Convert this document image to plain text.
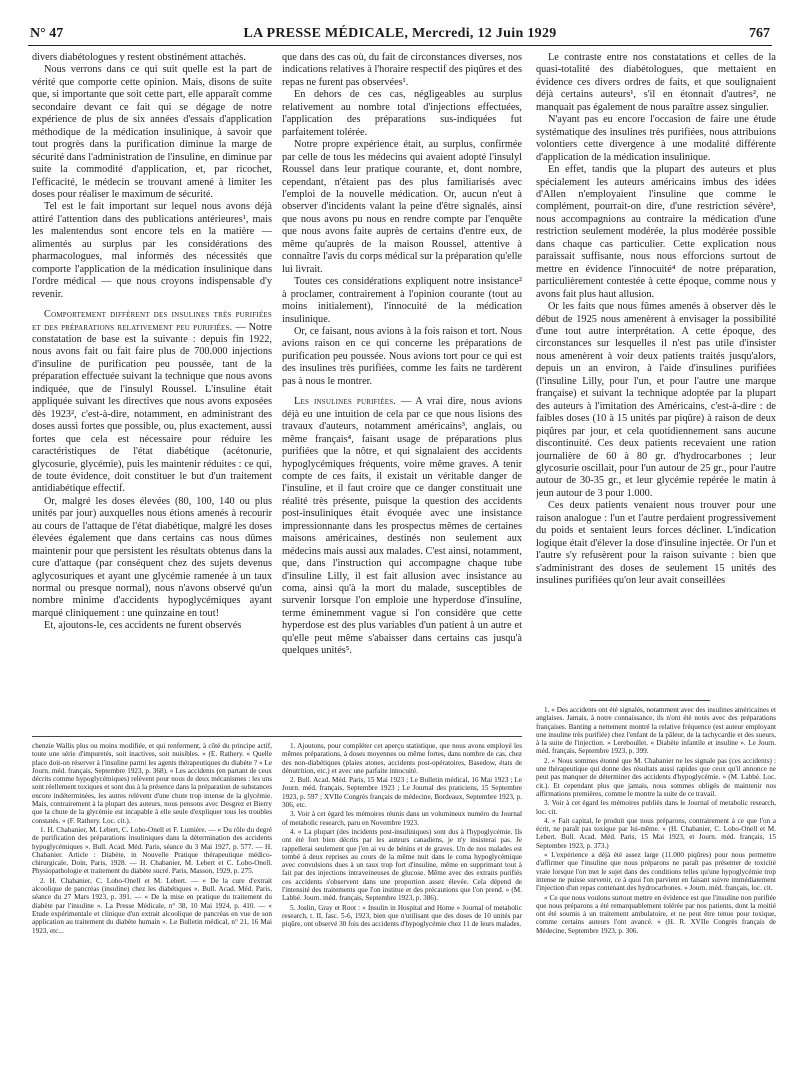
N° 47	LA PRESSE MÉDICALE, Mercredi, 12 Juin 1929	767

divers diabétologues y restent obstinément attachés.

Nous verrons dans ce qui suit quelle est la part de vérité que comporte cette opinion. Mais, disons de suite que, si importante que soit cette part, elle apparaît comme secondaire devant ce fait qui se dégage de notre expérience de plus de six années d'essais d'application méthodique de la médication insulinique, à savoir que tout progrès dans la purification diminue la marge de sécurité dans l'administration de l'insuline, en diminue par suite la commodité d'application, et, par ricochet, l'efficacité, le médecin se trouvant amené à limiter les doses pour réaliser le maximum de sécurité.

Tel est le fait important sur lequel nous avons déjà attiré l'attention dans des publications antérieures¹, mais les malentendus sont encore tels en la matière — alimentés au surplus par les considérations des pharmacologues, mal informés des nécessités que comporte l'application de la médication insulinique dans l'ordre médical — que nous croyons indispensable d'y revenir.

Comportement différent des insulines très purifiées et des préparations relativement peu purifiées. — Notre constatation de base est la suivante : depuis fin 1922, nous avons fait ou fait faire plus de 700.000 injections d'insuline de purification peu poussée, tant de la préparation effectuée suivant la technique que nous avons indiquée, que de l'insulyl Roussel. L'insuline était appliquée suivant les directives que nous avons exposées dès 1923², c'est-à-dire, notamment, en administrant des doses aussi fortes que possible, ou, plus exactement, aussi fortes que cela est nécessaire pour réduire les caractéristiques de l'état diabétique (acétonurie, glycosurie, glycémie), puis les maintenir réduites : ce qui, de toute évidence, doit constituer le but d'un traitement antidiabétique effectif.

Or, malgré les doses élevées (80, 100, 140 ou plus unités par jour) auxquelles nous étions amenés à recourir au cours de l'attaque de l'état diabétique, malgré les doses élevées également que dans certains cas nous dûmes maintenir pour que persistent les résultats obtenus dans la cure d'attaque (par conséquent chez des sujets devenus aglycosuriques et ayant une glycémie ramenée à un taux normal ou presque normal), nous n'avons observé qu'un nombre minime d'accidents hypoglycémiques ayant marqué cliniquement : une quinzaine en tout!

Et, ajoutons-le, ces accidents ne furent observés

que dans des cas où, du fait de circonstances diverses, nos indications relatives à l'horaire respectif des piqûres et des repas ne furent pas observées¹.

En dehors de ces cas, négligeables au surplus relativement au nombre total d'injections effectuées, l'application des préparations sus-indiquées fut parfaitement tolérée.

Notre propre expérience était, au surplus, confirmée par celle de tous les médecins qui avaient adopté l'insulyl Roussel dans leur pratique courante, et, dont nombre, cependant, n'étaient pas des plus familiarisés avec l'emploi de la nouvelle médication. Or, aucun n'eut à observer d'incidents valant la peine d'être signalés, ainsi que nous avons pu nous en rendre compte par l'enquête que nous avons faite auprès de certains d'entre eux, de même qu'auprès de la maison Roussel, attentive à connaître l'avis du corps médical sur la préparation qu'elle lui livrait.

Toutes ces considérations expliquent notre insistance² à proclamer, contrairement à l'opinion courante (tout au moins initialement), l'innocuité de la médication insulinique.

Or, ce faisant, nous avions à la fois raison et tort. Nous avions raison en ce qui concerne les préparations de purification peu poussée. Nous avions tort pour ce qui est des insulines très purifiées, comme les faits ne tardèrent pas à nous le montrer.

Les insulines purifiées. — A vrai dire, nous avions déjà eu une intuition de cela par ce que nous lisions des travaux d'auteurs, notamment américains³, anglais, ou même français⁴, faisant usage de préparations plus purifiées que la nôtre, et qui signalaient des accidents hypoglycémiques fréquents, voire même graves. A tenir compte de ces faits, il existait un véritable danger de l'insuline, et il faut croire que ce danger constituait une réalité très présente, puisque la question des accidents post-insuliniques était évoquée avec une insistance impressionnante dans les prospectus mêmes de certaines maisons américaines, destinés non seulement aux médecins mais aussi aux malades. C'est ainsi, notamment, que, dans l'instruction qui accompagne chaque tube d'insuline Lilly, il est fait allusion avec insistance au coma, ainsi qu'à la mort du malade, susceptibles de survenir lorsque l'on emploie une hyperdose d'insuline, terme éminemment vague si l'on considère que cette hyperdose est des plus variables d'un patient à un autre et qu'elle peut même s'abaisser dans certains cas jusqu'à quelques unités⁵.

Le contraste entre nos constatations et celles de la quasi-totalité des diabétologues, que mettaient en évidence ces divers ordres de faits, et que soulignaient déjà certains auteurs¹, s'il en étonnait d'autres², ne manquait pas également de nous paraître assez singulier.

N'ayant pas eu encore l'occasion de faire une étude systématique des insulines très purifiées, nous attribuions volontiers cette divergence à une modalité différente d'application de la médication insulinique.

En effet, tandis que la plupart des auteurs et plus spécialement les auteurs américains imbus des idées d'Allen n'employaient l'insuline que comme le complément, pourrait-on dire, d'une restriction sévère³, nous accompagnions au contraire la médication d'une restriction seulement modérée, la plus modérée possible dans chaque cas particulier. Cette explication nous paraissait suffisante, nous nous efforcions surtout de mettre en évidence l'innocuité⁴ de notre préparation, particulièrement contestée à cette époque, comme nous y avons fait plus haut allusion.

Or les faits que nous fûmes amenés à observer dès le début de 1925 nous amenèrent à envisager la possibilité d'une tout autre interprétation. A cette époque, des circonstances sur lesquelles il n'est pas utile d'insister nous amenèrent à voir deux patients traités jusqu'alors, depuis un an environ, à l'aide d'insulines purifiées (l'insuline Lilly, pour l'un, et pour l'autre une marque française) et suivant la technique adoptée par la plupart des auteurs à l'imitation des Américains, c'est-à-dire : de faibles doses (10 à 15 unités par piqûre) à raison de deux piqûres par jour, et cela quotidiennement sans aucune discontinuité. Ces deux patients recevaient une ration journalière de 60 à 80 gr. d'hydrocarbones ; leur glycosurie oscillait, pour l'un autour de 25 gr., pour l'autre autour de 30-35 gr., et leur glycémie repérée le matin à jeun autour de 3 pour 1.000.

Ces deux patients venaient nous trouver pour une raison analogue : l'un et l'autre perdaient progressivement du poids et sentaient leurs forces décliner. L'indication logique était d'élever la dose d'insuline injectée. Or l'un et l'autre s'y refusèrent pour la raison suivante : bien que s'administrant des doses de seulement 15 unités des insulines purifiées qu'on leur avait conseillées

chenzie Wallis plus ou moins modifiée, et qui renferment, à côté du principe actif, toute une série d'impuretés, soit inactives, soit nuisibles. » (E. Rathery. « Quelle place doit-on réserver à l'insuline parmi les agents thérapeutiques du diabète ? » Le Journ. méd. français, Septembre 1923, p. 368). « Les accidents (en partant de ceux décrits comme hypoglycémiques) relèvent pour nous de deux mécanismes : les uns sont réellement toxiques et sont dus à la présence dans la préparation de substances encore indéterminées, les autres relèvent d'une chute trop intense de la glycémie. Mais, contrairement à la plupart des auteurs, nous pensons avec Desgrez et Bierry que la chute de la glycémie est incapable à elle seule d'expliquer tous les troubles constatés. » (F. Rathery. Loc. cit.).

1. H. Chabanier, M. Lebert, C. Lobo-Onell et F. Lumière. — « Du rôle du degré de purification des préparations insuliniques dans la détermination des accidents hypoglycémiques ». Bull. Acad. Méd. Paris, séance du 3 Mai 1927, p. 577. — H. Chabanier. Article : Diabète, in Nouvelle Pratique thérapeutique médico-chirurgicale, Doin, Paris, 1928. — H. Chabanier, M. Lebert et C. Lobo-Onell. Physiopathologie et traitement du diabète sucré. Paris, Masson, 1929, p. 275.

2. H. Chabanier, C. Lobo-Onell et M. Lebert. — « De la cure d'extrait alcoolique de pancréas (insuline) chez les diabétiques ». Bull. Acad. Méd. Paris, séance du 27 Mars 1923, p. 391. — « De la mise en pratique du traitement du diabète par l'insuline ». La Presse Médicale, n° 38, 10 Mai 1924, p. 410. — « Etude expérimentale et clinique d'un extrait alcoolique de pancréas en vue de son application au traitement du diabète humain ». Le Bulletin médical, n° 21, 16 Mai 1923, etc...

1. Ajoutons, pour compléter cet aperçu statistique, que nous avons employé les mêmes préparations, à doses moyennes ou même fortes, dans nombre de cas, chez des non-diabétiques (plaies atones, accidents post-opératoires, Basedow, états de dénutrition, etc.) et avec une parfaite innocuité.

2. Bull. Acad. Méd. Paris, 15 Mai 1923 ; Le Bulletin médical, 16 Mai 1923 ; Le Journ. méd. français, Septembre 1923 ; Le Journal des praticiens, 15 Septembre 1923, p. 597 ; XVIIe Congrès français de médecine, Bordeaux, Septembre 1923, p. 306, etc.

3. Voir à cet égard les mémoires réunis dans un volumineux numéro du Journal of metabolic research, paru en Novembre 1923.

4. « La plupart (des incidents post-insuliniques) sont dus à l'hypoglycémie. Ils ont été fort bien décrits par les auteurs canadiens, je n'y insisterai pas. Je rappellerai seulement que j'en ai vu de bénins et de graves. Un de nos malades est tombé à deux reprises au cours de la même nuit dans le coma hypoglycémique avec convulsions dues à un taux trop fort d'insuline, même en supprimant tout à fait par des injections intraveineuses de glucose. Même avec des extraits purifiés ces accidents s'observent dans une proportion assez élevée. Cela dépend de l'intensité des traitements que l'on institue et des précautions que l'on prend. » (M. Labbé. Journ. méd. français, Septembre 1923, p. 386).

5. Joslin, Gray et Root : « Insulin in Hospital and Home » Journal of metabolic research, t. II, fasc. 5-6, 1923, bien que n'utilisant que des doses de 10 unités par piqûre, ont observé 30 fois des accidents d'hypoglycémie chez 11 de leurs malades.

1. « Des accidents ont été signalés, notamment avec des insulines américaines et anglaises. Jamais, à notre connaissance, ils n'ont été notés avec des préparations françaises. Banting a nettement montré la relative fréquence (est auteur employant une insuline très purifiée) chez l'enfant de la pâleur, de la tachycardie et des sueurs, à la suite de l'injection. » Lereboullet. « Diabète infantile et insuline ». Le Journ. méd. français, Septembre 1923, p. 399.

2. « Nous sommes étonné que M. Chabanier ne les signale pas (ces accidents) : une thérapeutique qui donne des résultats aussi rapides que ceux qu'il annonce ne peut pas manquer de déterminer des accidents d'hypoglycémie. » (M. Labbé. Loc. cit.). Et cependant plus que jamais, nous sommes obligés de maintenir nos affirmations premières, comme le montre la suite de ce travail.

3. Voir à cet égard les mémoires publiés dans le Journal of metabolic research, loc. cit.

4. « Fait capital, le produit que nous préparons, contrairement à ce que l'on a écrit, ne paraît pas toxique par lui-même. » (H. Chabanier, C. Lobo-Onell et M. Lebert. Bull. Acad. Méd. Paris, 15 Mai 1923, et Journ. méd. français, 15 Septembre 1923, p. 373.)

« L'expérience a déjà été assez large (11.000 piqûres) pour nous permettre d'affirmer que l'insuline que nous préparons ne paraît pas présenter de toxicité vraie lorsque l'on met le sujet dans des conditions telles qu'une hypoglycémie trop intense ne puisse survenir, ce à quoi l'on parvient en faisant suivre immédiatement l'injection d'un repas contenant des hydrocarbones. » Journ. méd. français, loc. cit.

« Ce que nous voulons surtout mettre en évidence est que l'insuline non purifiée que nous préparons a été remarquablement tolérée par nos patients, dont la moitié ont été soumis à un traitement ambulatoire, et ne peut être tenue pour toxique, comme certains auteurs l'ont avancé. » (H. R. XVIIe Congrès français de Médecine, Septembre 1923, p. 306.
